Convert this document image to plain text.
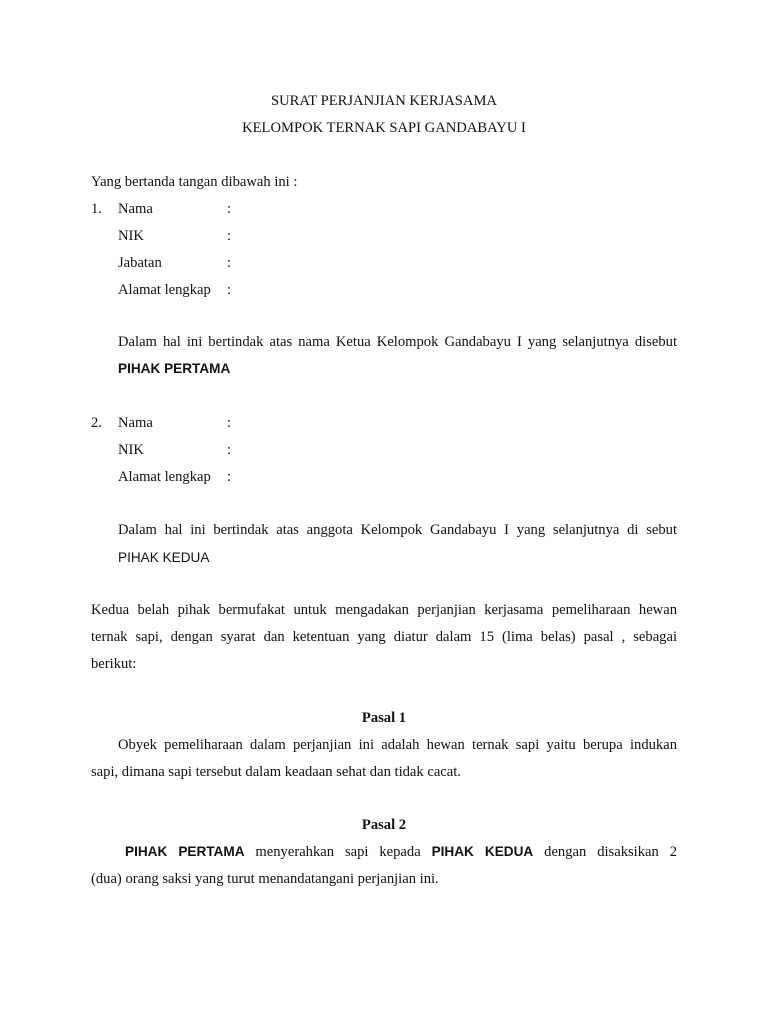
SURAT PERJANJIAN KERJASAMA
KELOMPOK TERNAK SAPI GANDABAYU I
Yang bertanda tangan dibawah ini :
1. Nama	:
NIK	:
Jabatan	:
Alamat lengkap :
Dalam hal ini bertindak atas nama Ketua Kelompok Gandabayu I yang selanjutnya disebut
PIHAK PERTAMA
2. Nama	:
NIK	:
Alamat lengkap :
Dalam hal ini bertindak atas anggota Kelompok Gandabayu I yang selanjutnya di sebut
PIHAK KEDUA
Kedua belah pihak bermufakat untuk mengadakan perjanjian kerjasama pemeliharaan hewan
ternak sapi, dengan syarat dan ketentuan yang diatur dalam 15 (lima belas) pasal , sebagai
berikut:
Pasal 1
Obyek pemeliharaan dalam perjanjian ini adalah hewan ternak sapi yaitu berupa indukan
sapi, dimana sapi tersebut dalam keadaan sehat dan tidak cacat.
Pasal 2
PIHAK PERTAMA menyerahkan sapi kepada PIHAK KEDUA dengan disaksikan 2
(dua) orang saksi yang turut menandatangani perjanjian ini.
